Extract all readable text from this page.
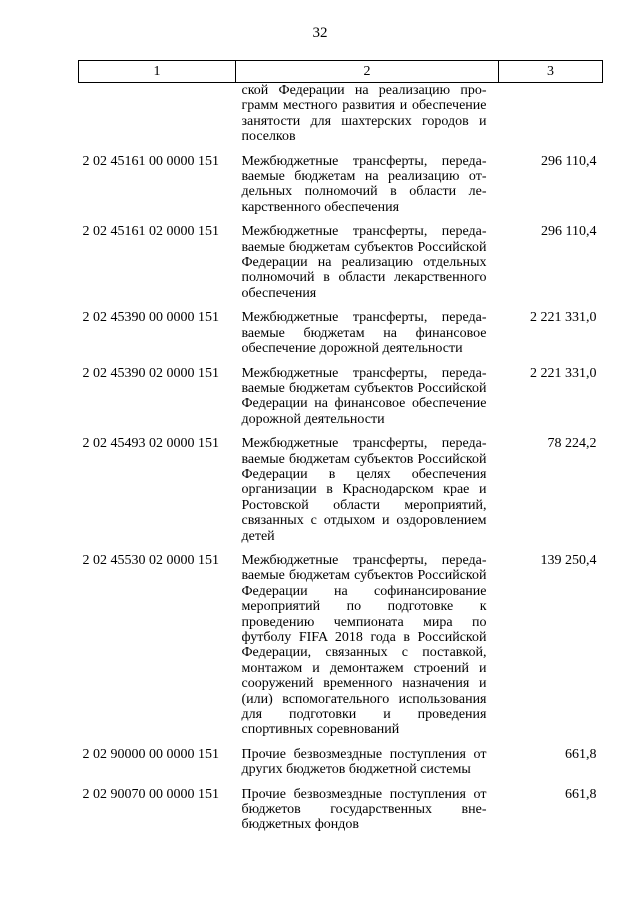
32
1	2	3
	ской Федерации на реализацию программ местного развития и обеспечение занятости для шахтерских городов и поселков	
2 02 45161 00 0000 151	Межбюджетные трансферты, передаваемые бюджетам на реализацию отдельных полномочий в области лекарственного обеспечения	296 110,4
2 02 45161 02 0000 151	Межбюджетные трансферты, передаваемые бюджетам субъектов Российской Федерации на реализацию отдельных полномочий в области лекарственного обеспечения	296 110,4
2 02 45390 00 0000 151	Межбюджетные трансферты, передаваемые бюджетам на финансовое обеспечение дорожной деятельности	2 221 331,0
2 02 45390 02 0000 151	Межбюджетные трансферты, передаваемые бюджетам субъектов Российской Федерации на финансовое обеспечение дорожной деятельности	2 221 331,0
2 02 45493 02 0000 151	Межбюджетные трансферты, передаваемые бюджетам субъектов Российской Федерации в целях обеспечения организации в Краснодарском крае и Ростовской области мероприятий, связанных с отдыхом и оздоровлением детей	78 224,2
2 02 45530 02 0000 151	Межбюджетные трансферты, передаваемые бюджетам субъектов Российской Федерации на софинансирование мероприятий по подготовке к проведению чемпионата мира по футболу FIFA 2018 года в Российской Федерации, связанных с поставкой, монтажом и демонтажем строений и сооружений временного назначения и (или) вспомогательного использования для подготовки и проведения спортивных соревнований	139 250,4
2 02 90000 00 0000 151	Прочие безвозмездные поступления от других бюджетов бюджетной системы	661,8
2 02 90070 00 0000 151	Прочие безвозмездные поступления от бюджетов государственных внебюджетных фондов	661,8
